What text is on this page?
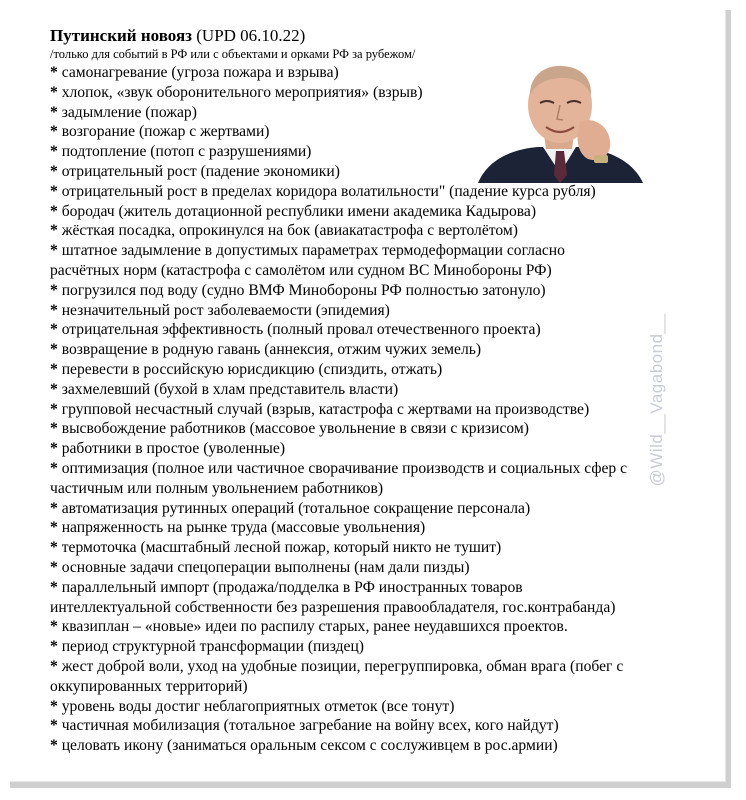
@Wild__Vagabond__

Путинский новояз (UPD 06.10.22)

/только для событий в РФ или с объектами и орками РФ за рубежом/

* самонагревание (угроза пожара и взрыва)
* хлопок, «звук оборонительного мероприятия» (взрыв)
* задымление (пожар)
* возгорание (пожар с жертвами)
* подтопление (потоп с разрушениями)
* отрицательный рост (падение экономики)
* отрицательный рост в пределах коридора волатильности" (падение курса рубля)
* бородач (житель дотационной республики имени академика Кадырова)
* жёсткая посадка, опрокинулся на бок (авиакатастрофа с вертолётом)
* штатное задымление в допустимых параметрах термодеформации согласно
расчётных норм (катастрофа с самолётом или судном ВС Минобороны РФ)
* погрузился под воду (судно ВМФ Минобороны РФ полностью затонуло)
* незначительный рост заболеваемости (эпидемия)
* отрицательная эффективность (полный провал отечественного проекта)
* возвращение в родную гавань (аннексия, отжим чужих земель)
* перевести в российскую юрисдикцию (спиздить, отжать)
* захмелевший (бухой в хлам представитель власти)
* групповой несчастный случай (взрыв, катастрофа с жертвами на производстве)
* высвобождение работников (массовое увольнение в связи с кризисом)
* работники в простое (уволенные)
* оптимизация (полное или частичное сворачивание производств и социальных сфер с
частичным или полным увольнением работников)
* автоматизация рутинных операций (тотальное сокращение персонала)
* напряженность на рынке труда (массовые увольнения)
* термоточка (масштабный лесной пожар, который никто не тушит)
* основные задачи спецоперации выполнены (нам дали пизды)
* параллельный импорт (продажа/подделка в РФ иностранных товаров
интеллектуальной собственности без разрешения правообладателя, гос.контрабанда)
* квазиплан – «новые» идеи по распилу старых, ранее неудавшихся проектов.
* период структурной трансформации (пиздец)
* жест доброй воли, уход на удобные позиции, перегруппировка, обман врага (побег с
оккупированных территорий)
* уровень воды достиг неблагоприятных отметок (все тонут)
* частичная мобилизация (тотальное загребание на войну всех, кого найдут)
* целовать икону (заниматься оральным сексом с сослуживцем в рос.армии)
